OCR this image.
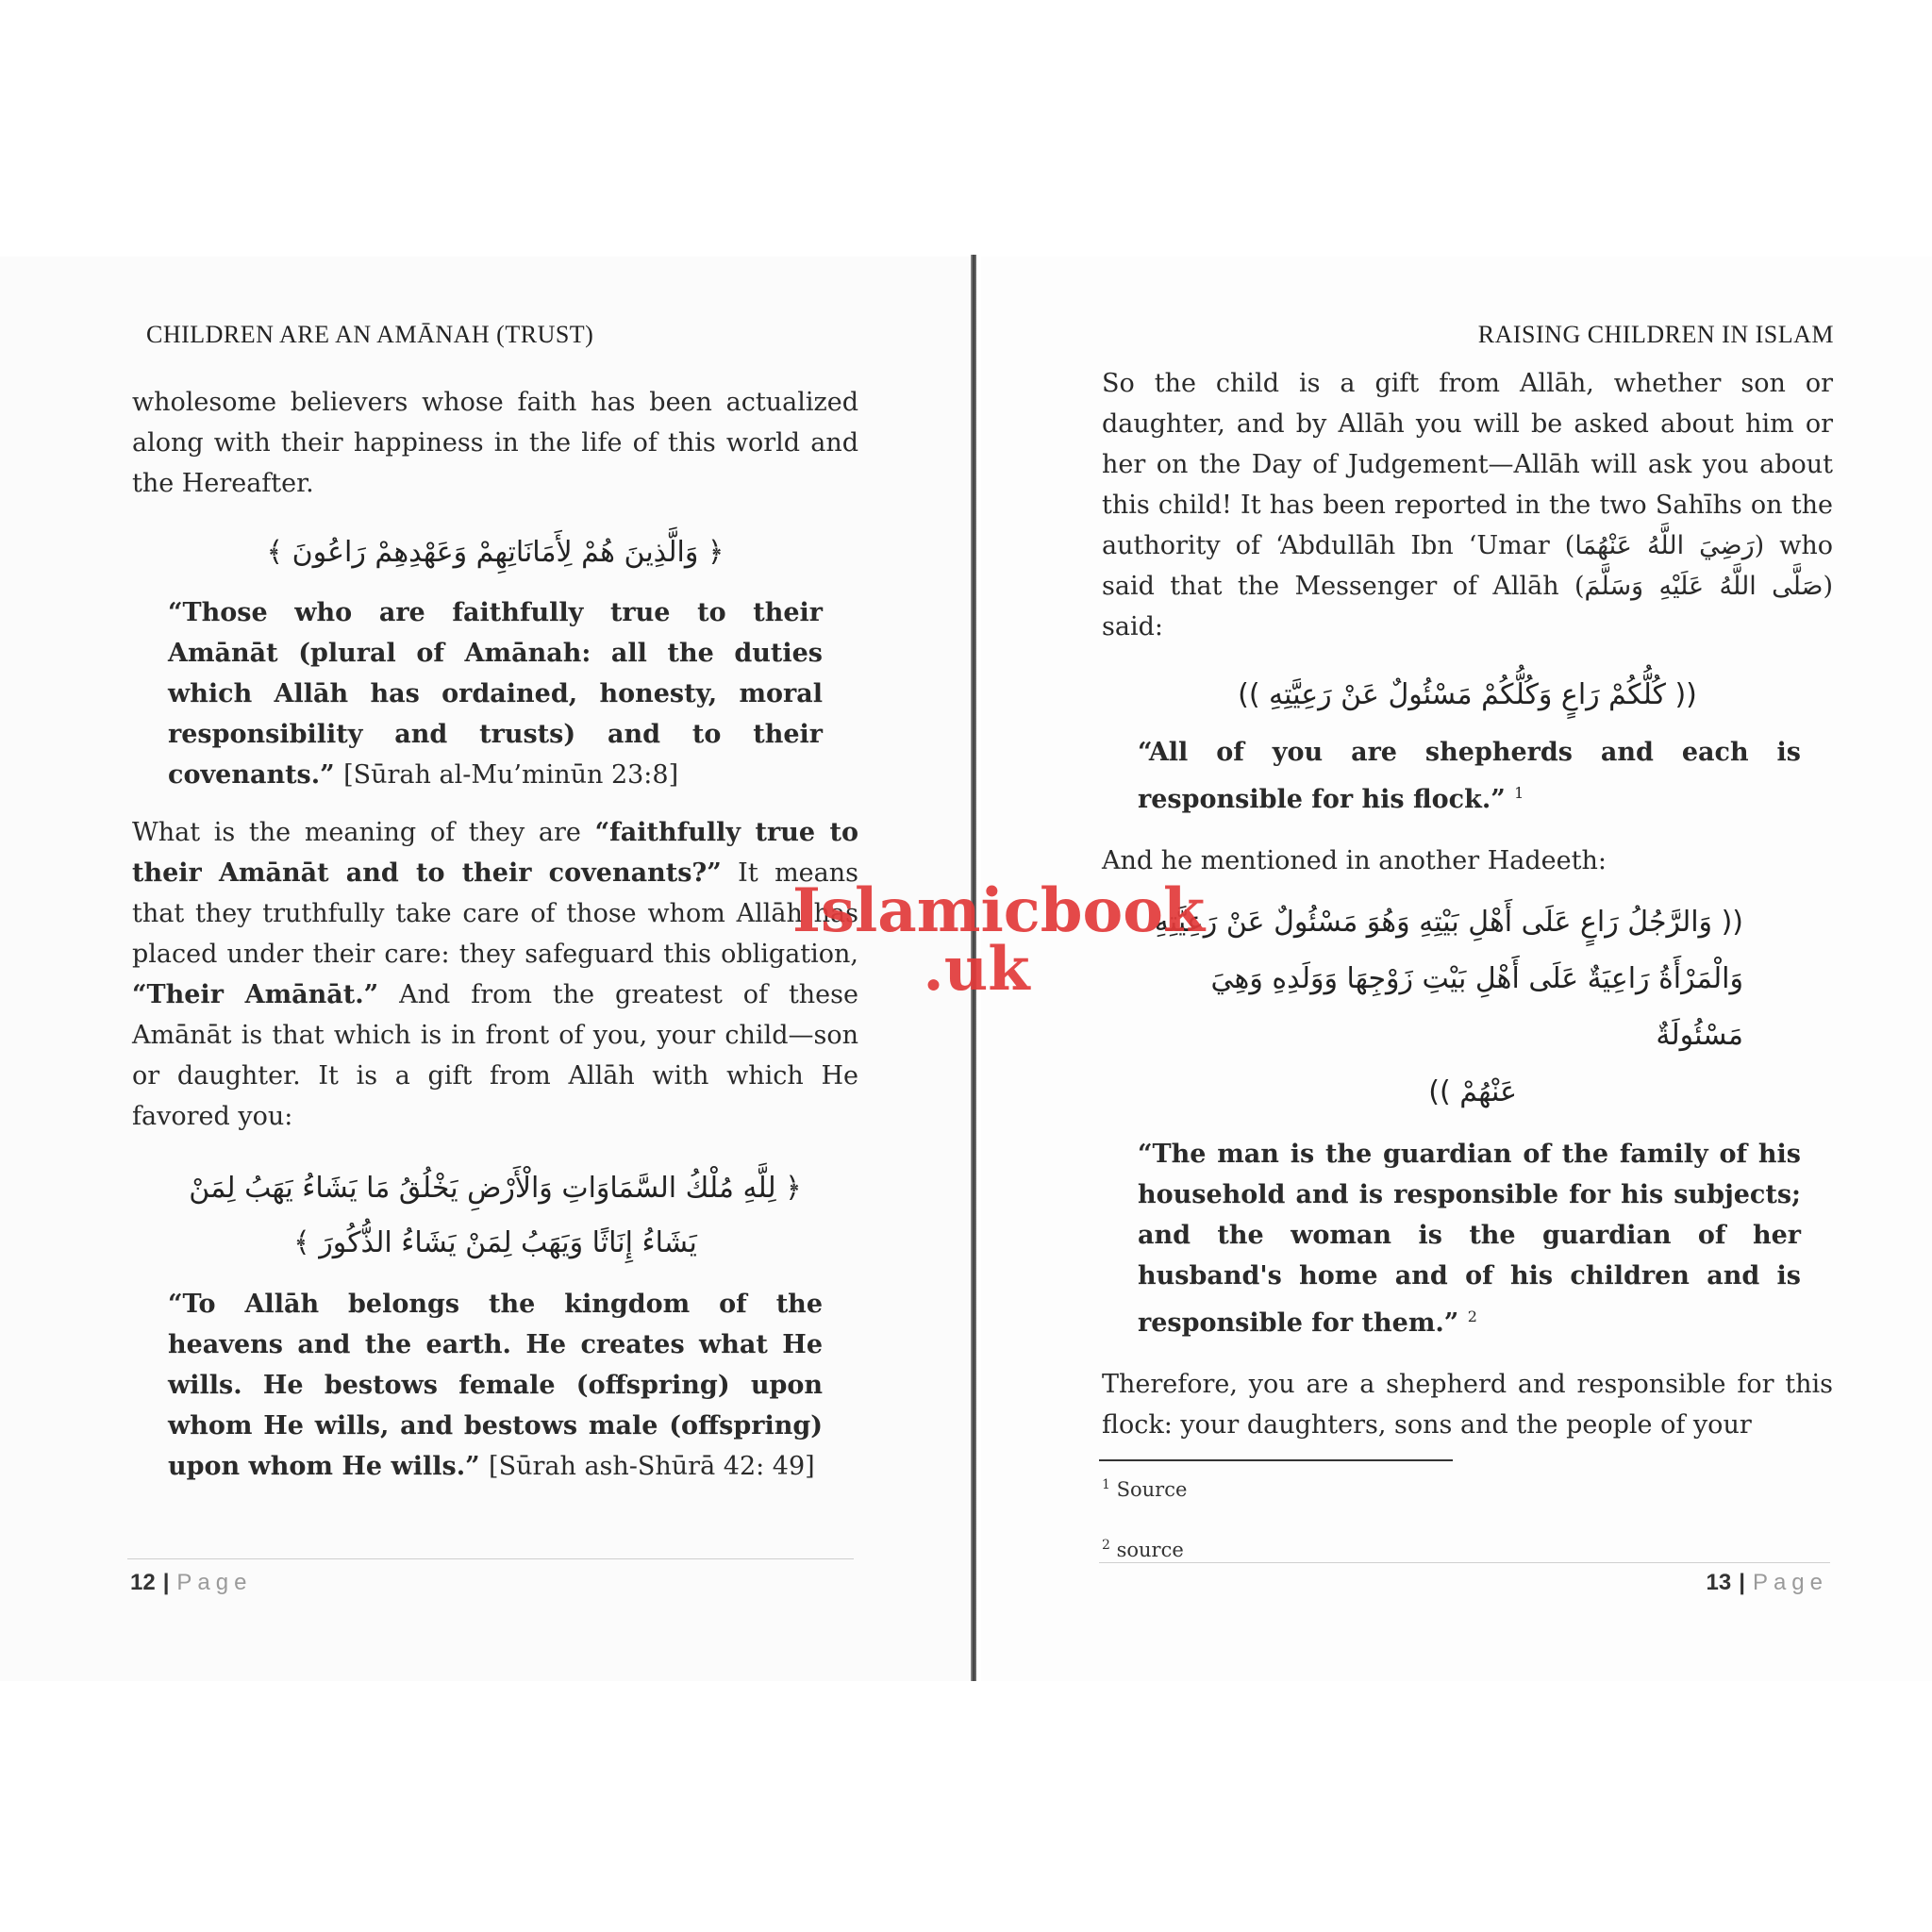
CHILDREN ARE AN AMĀNAH (TRUST)

wholesome believers whose faith has been actualized along with their happiness in the life of this world and the Hereafter.

﴿ وَالَّذِينَ هُمْ لِأَمَانَاتِهِمْ وَعَهْدِهِمْ رَاعُونَ ﴾

“Those who are faithfully true to their Amānāt (plural of Amānah: all the duties which Allāh has ordained, honesty, moral responsibility and trusts) and to their covenants.” [Sūrah al-Mu’minūn 23:8]

What is the meaning of they are “faithfully true to their Amānāt and to their covenants?” It means that they truthfully take care of those whom Allāh has placed under their care: they safeguard this obligation, “Their Amānāt.” And from the greatest of these Amānāt is that which is in front of you, your child—son or daughter. It is a gift from Allāh with which He favored you:

﴿ لِلَّهِ مُلْكُ السَّمَاوَاتِ وَالْأَرْضِ يَخْلُقُ مَا يَشَاءُ يَهَبُ لِمَنْ
يَشَاءُ إِنَاثًا وَيَهَبُ لِمَنْ يَشَاءُ الذُّكُورَ ﴾

“To Allāh belongs the kingdom of the heavens and the earth. He creates what He wills. He bestows female (offspring) upon whom He wills, and bestows male (offspring) upon whom He wills.” [Sūrah ash-Shūrā 42: 49]

12 | Page
RAISING CHILDREN IN ISLAM

So the child is a gift from Allāh, whether son or daughter, and by Allāh you will be asked about him or her on the Day of Judgement—Allāh will ask you about this child! It has been reported in the two Sahīhs on the authority of ‘Abdullāh Ibn ‘Umar (رَضِيَ اللَّهُ عَنْهُمَا) who said that the Messenger of Allāh (صَلَّى اللَّهُ عَلَيْهِ وَسَلَّمَ) said:

(( كُلُّكُمْ رَاعٍ وَكُلُّكُمْ مَسْئُولٌ عَنْ رَعِيَّتِهِ ))

“All of you are shepherds and each is responsible for his flock.” $^1$

And he mentioned in another Hadeeth:

(( وَالرَّجُلُ رَاعٍ عَلَى أَهْلِ بَيْتِهِ وَهُوَ مَسْئُولٌ عَنْ رَعِيَّتِهِ
وَالْمَرْأَةُ رَاعِيَةٌ عَلَى أَهْلِ بَيْتِ زَوْجِهَا وَوَلَدِهِ وَهِيَ مَسْئُولَةٌ
عَنْهُمْ ))

“The man is the guardian of the family of his household and is responsible for his subjects; and the woman is the guardian of her husband's home and of his children and is responsible for them.” $^2$

Therefore, you are a shepherd and responsible for this flock: your daughters, sons and the people of your

$^1$ Source
$^2$ source
13 | Page
Islamicbook
.uk
